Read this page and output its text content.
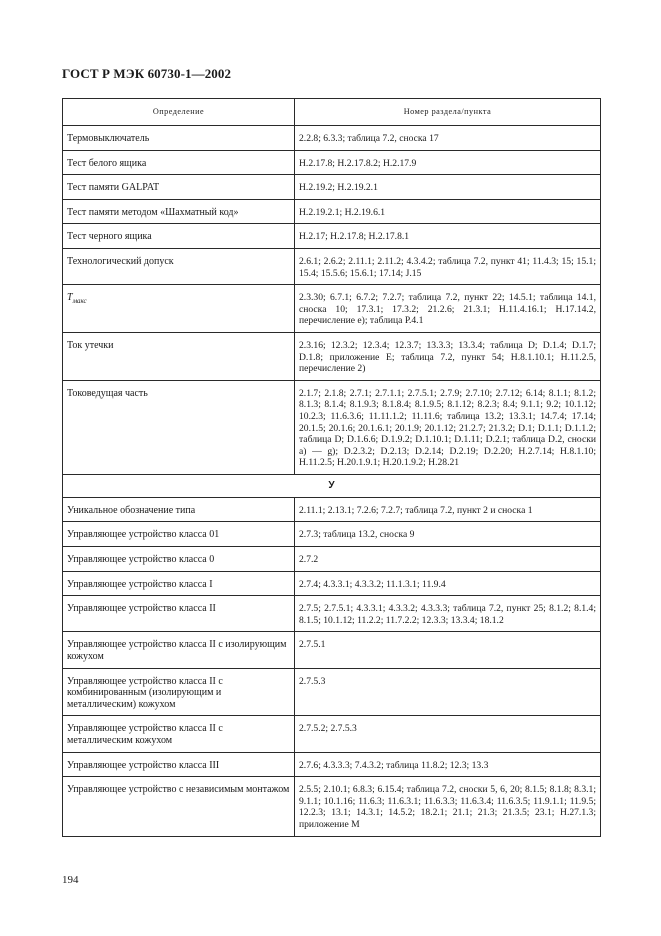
ГОСТ Р МЭК 60730-1—2002
Определение	Номер раздела/пункта
Термовыключатель	2.2.8; 6.3.3; таблица 7.2, сноска 17
Тест белого ящика	Н.2.17.8; Н.2.17.8.2; Н.2.17.9
Тест памяти GALPAT	Н.2.19.2; Н.2.19.2.1
Тест памяти методом «Шахматный код»	Н.2.19.2.1; Н.2.19.6.1
Тест черного ящика	Н.2.17; Н.2.17.8; Н.2.17.8.1
Технологический допуск	2.6.1; 2.6.2; 2.11.1; 2.11.2; 4.3.4.2; таблица 7.2, пункт 41; 11.4.3; 15; 15.1; 15.4; 15.5.6; 15.6.1; 17.14; J.15
$T_{макс}$	2.3.30; 6.7.1; 6.7.2; 7.2.7; таблица 7.2, пункт 22; 14.5.1; таблица 14.1, сноска 10; 17.3.1; 17.3.2; 21.2.6; 21.3.1; Н.11.4.16.1; Н.17.14.2, перечисление е); таблица Р.4.1
Ток утечки	2.3.16; 12.3.2; 12.3.4; 12.3.7; 13.3.3; 13.3.4; таблица D; D.1.4; D.1.7; D.1.8; приложение Е; таблица 7.2, пункт 54; Н.8.1.10.1; Н.11.2.5, перечисление 2)
Токоведущая часть	2.1.7; 2.1.8; 2.7.1; 2.7.1.1; 2.7.5.1; 2.7.9; 2.7.10; 2.7.12; 6.14; 8.1.1; 8.1.2; 8.1.3; 8.1.4; 8.1.9.3; 8.1.8.4; 8.1.9.5; 8.1.12; 8.2.3; 8.4; 9.1.1; 9.2; 10.1.12; 10.2.3; 11.6.3.6; 11.11.1.2; 11.11.6; таблица 13.2; 13.3.1; 14.7.4; 17.14; 20.1.5; 20.1.6; 20.1.6.1; 20.1.9; 20.1.12; 21.2.7; 21.3.2; D.1; D.1.1; D.1.1.2; таблица D; D.1.6.6; D.1.9.2; D.1.10.1; D.1.11; D.2.1; таблица D.2, сноски а) — g); D.2.3.2; D.2.13; D.2.14; D.2.19; D.2.20; Н.2.7.14; Н.8.1.10; Н.11.2.5; Н.20.1.9.1; Н.20.1.9.2; Н.28.21
У	
Уникальное обозначение типа	2.11.1; 2.13.1; 7.2.6; 7.2.7; таблица 7.2, пункт 2 и сноска 1
Управляющее устройство класса 01	2.7.3; таблица 13.2, сноска 9
Управляющее устройство класса 0	2.7.2
Управляющее устройство класса I	2.7.4; 4.3.3.1; 4.3.3.2; 11.1.3.1; 11.9.4
Управляющее устройство класса II	2.7.5; 2.7.5.1; 4.3.3.1; 4.3.3.2; 4.3.3.3; таблица 7.2, пункт 25; 8.1.2; 8.1.4; 8.1.5; 10.1.12; 11.2.2; 11.7.2.2; 12.3.3; 13.3.4; 18.1.2
Управляющее устройство класса II с изолирующим кожухом	2.7.5.1
Управляющее устройство класса II с комбинированным (изолирующим и металлическим) кожухом	2.7.5.3
Управляющее устройство класса II с металлическим кожухом	2.7.5.2; 2.7.5.3
Управляющее устройство класса III	2.7.6; 4.3.3.3; 7.4.3.2; таблица 11.8.2; 12.3; 13.3
Управляющее устройство с независимым монтажом	2.5.5; 2.10.1; 6.8.3; 6.15.4; таблица 7.2, сноски 5, 6, 20; 8.1.5; 8.1.8; 8.3.1; 9.1.1; 10.1.16; 11.6.3; 11.6.3.1; 11.6.3.3; 11.6.3.4; 11.6.3.5; 11.9.1.1; 11.9.5; 12.2.3; 13.1; 14.3.1; 14.5.2; 18.2.1; 21.1; 21.3; 21.3.5; 23.1; Н.27.1.3; приложение М
194
